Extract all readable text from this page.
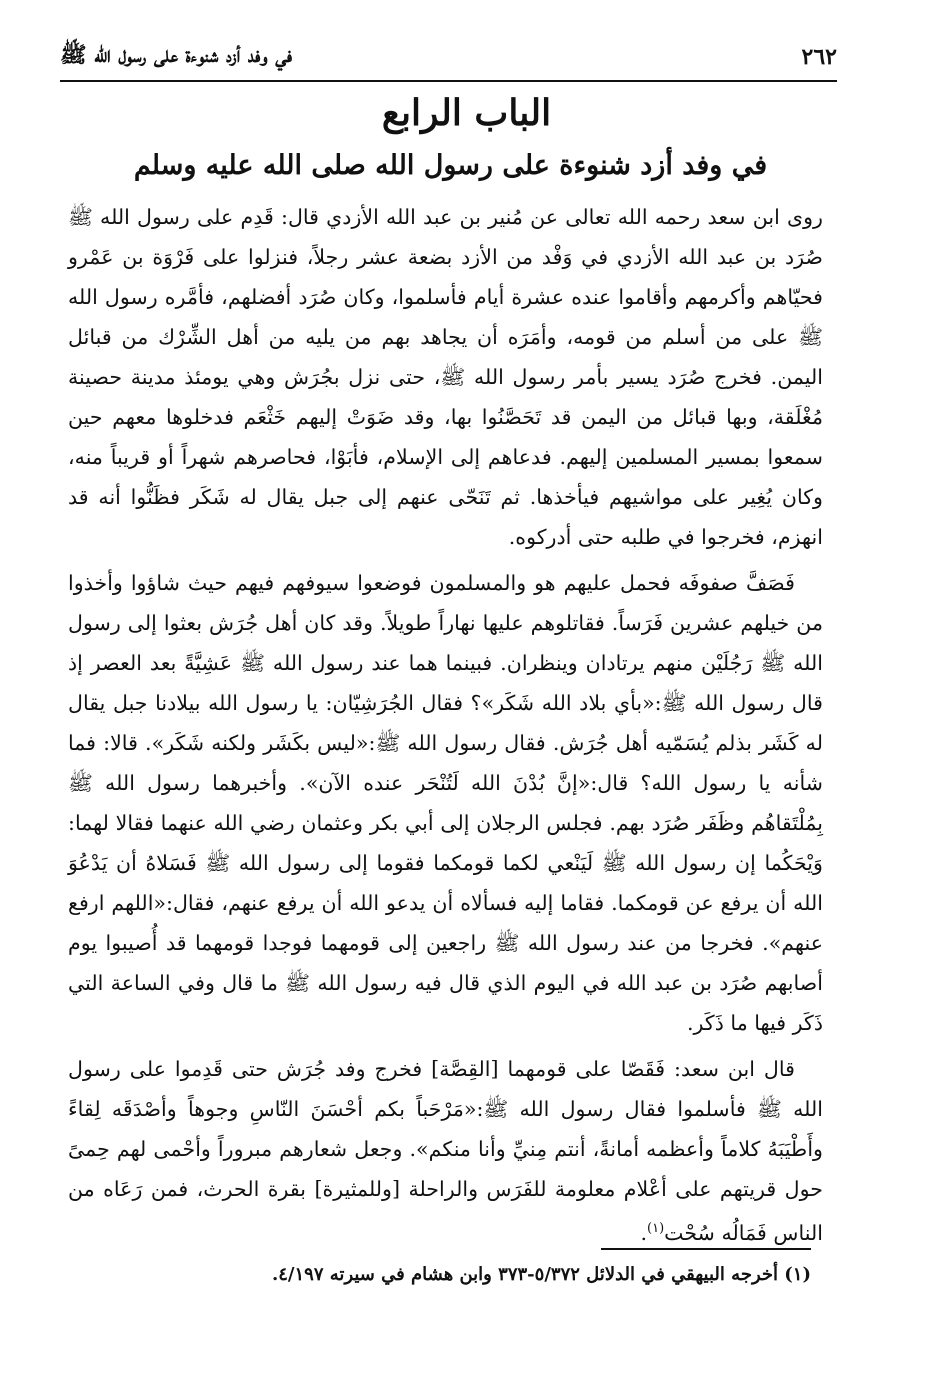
٢٦٢
في وفد أزد شنوءة على رسول الله ﷺ
الباب الرابع
في وفد أزد شنوءة على رسول الله صلى الله عليه وسلم

روى ابن سعد رحمه الله تعالى عن مُنير بن عبد الله الأزدي قال: قَدِم على رسول الله ﷺ صُرَد بن عبد الله الأزدي في وَفْد من الأزد بضعة عشر رجلاً، فنزلوا على فَرْوَة بن عَمْرو فحيّاهم وأكرمهم وأقاموا عنده عشرة أيام فأسلموا، وكان صُرَد أفضلهم، فأمَّره رسول الله ﷺ على من أسلم من قومه، وأمَرَه أن يجاهد بهم من يليه من أهل الشِّرْك من قبائل اليمن. فخرج صُرَد يسير بأمر رسول الله ﷺ، حتى نزل بجُرَش وهي يومئذ مدينة حصينة مُغْلَقة، وبها قبائل من اليمن قد تَحَصَّنُوا بها، وقد ضَوَتْ إليهم خَثْعَم فدخلوها معهم حين سمعوا بمسير المسلمين إليهم. فدعاهم إلى الإسلام، فأبَوْا، فحاصرهم شهراً أو قريباً منه، وكان يُغِير على مواشيهم فيأخذها. ثم تَنَحّى عنهم إلى جبل يقال له شَكَر فظَنُّوا أنه قد انهزم، فخرجوا في طلبه حتى أدركوه.

فَصَفَّ صفوفَه فحمل عليهم هو والمسلمون فوضعوا سيوفهم فيهم حيث شاؤوا وأخذوا من خيلهم عشرين فَرَساً. فقاتلوهم عليها نهاراً طويلاً. وقد كان أهل جُرَش بعثوا إلى رسول الله ﷺ رَجُلَيْن منهم يرتادان وينظران. فبينما هما عند رسول الله ﷺ عَشِيَّةً بعد العصر إذ قال رسول الله ﷺ:«بأي بلاد الله شَكَر»؟ فقال الجُرَشِيّان: يا رسول الله بيلادنا جبل يقال له كَشَر بذلم يُسَمّيه أهل جُرَش. فقال رسول الله ﷺ:«ليس بكَشَر ولكنه شَكَر». قالا: فما شأنه يا رسول الله؟ قال:«إنَّ بُدْنَ الله لَتُنْحَر عنده الآن». وأخبرهما رسول الله ﷺ بِمُلْتَقاهُم وظَفَر صُرَد بهم. فجلس الرجلان إلى أبي بكر وعثمان رضي الله عنهما فقالا لهما: وَيْحَكُما إن رسول الله ﷺ لَيَنْعي لكما قومكما فقوما إلى رسول الله ﷺ فَسَلاهُ أن يَدْعُوَ الله أن يرفع عن قومكما. فقاما إليه فسألاه أن يدعو الله أن يرفع عنهم، فقال:«اللهم ارفع عنهم». فخرجا من عند رسول الله ﷺ راجعين إلى قومهما فوجدا قومهما قد أُصيبوا يوم أصابهم صُرَد بن عبد الله في اليوم الذي قال فيه رسول الله ﷺ ما قال وفي الساعة التي ذَكَر فيها ما ذَكَر.

قال ابن سعد: فَقَصّا على قومهما [القِصَّة] فخرج وفد جُرَش حتى قَدِموا على رسول الله ﷺ فأسلموا فقال رسول الله ﷺ:«مَرْحَباً بكم أحْسَنَ النّاسِ وجوهاً وأصْدَقَه لِقاءً وأَطْيَبَهُ كلاماً وأعظمه أمانةً، أنتم مِنيِّ وأنا منكم». وجعل شعارهم مبروراً وأحْمى لهم حِمىً حول قريتهم على أعْلام معلومة للفَرَس والراحلة [وللمثيرة] بقرة الحرث، فمن رَعَاه من الناس فَمَالُه سُحْت$^{(١)}$.

(١) أخرجه البيهقي في الدلائل ٥/٣٧٢-٣٧٣ وابن هشام في سيرته ٤/١٩٧.
